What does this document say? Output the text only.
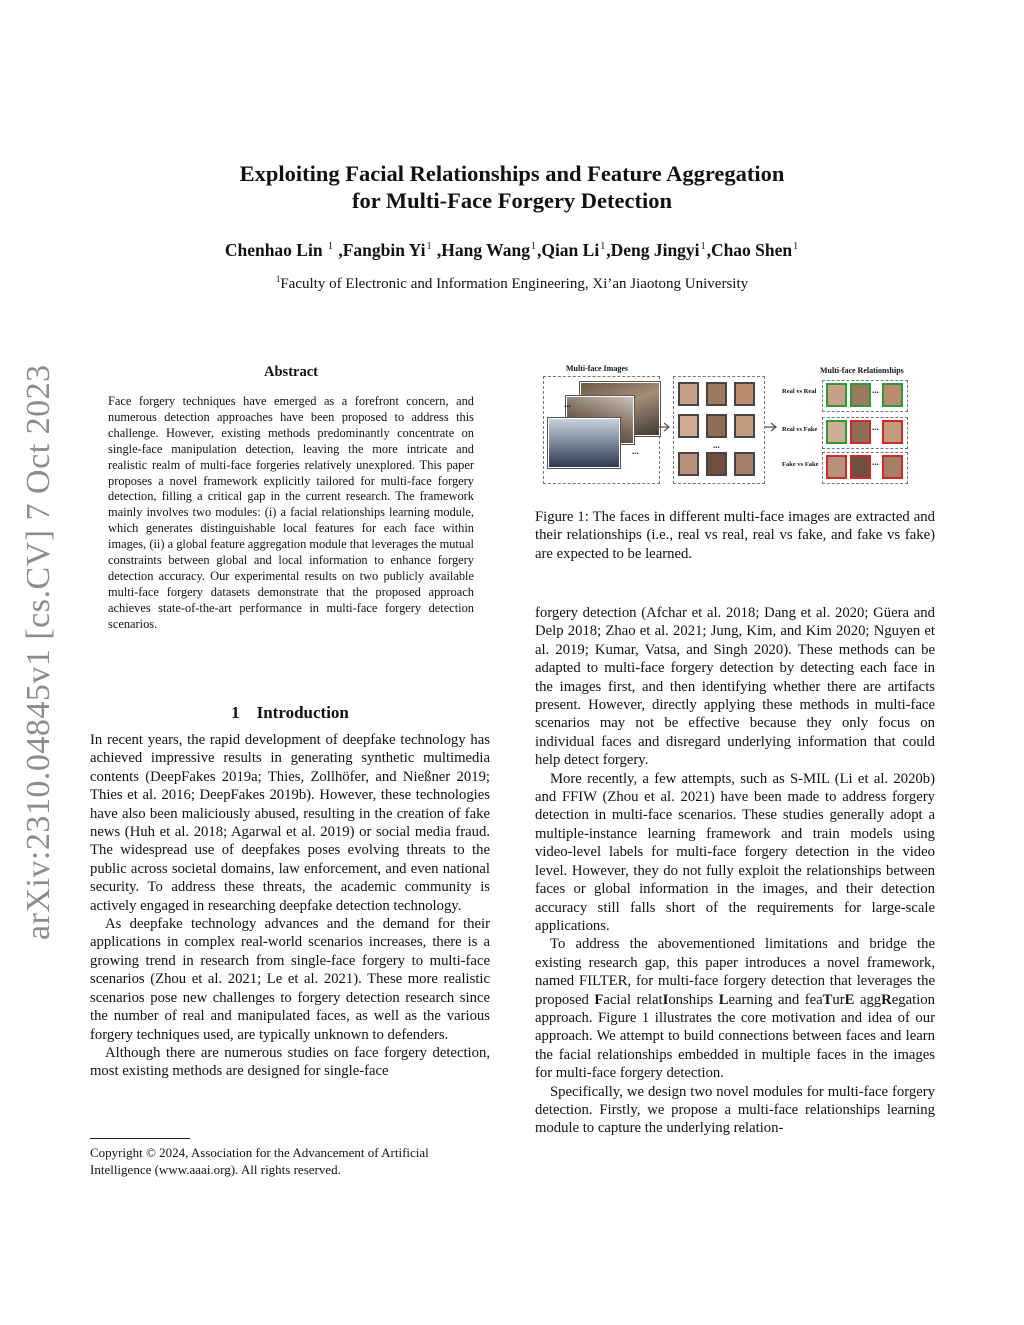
arXiv:2310.04845v1 [cs.CV] 7 Oct 2023
Exploiting Facial Relationships and Feature Aggregation
for Multi-Face Forgery Detection
Chenhao Lin $^1$ ,Fangbin Yi$^1$ ,Hang Wang$^1$,Qian Li$^1$,Deng Jingyi$^1$,Chao Shen$^1$
$^1$Faculty of Electronic and Information Engineering, Xi’an Jiaotong University
Abstract
Face forgery techniques have emerged as a forefront concern, and numerous detection approaches have been proposed to address this challenge. However, existing methods predominantly concentrate on single-face manipulation detection, leaving the more intricate and realistic realm of multi-face forgeries relatively unexplored. This paper proposes a novel framework explicitly tailored for multi-face forgery detection, filling a critical gap in the current research. The framework mainly involves two modules: (i) a facial relationships learning module, which generates distinguishable local features for each face within images, (ii) a global feature aggregation module that leverages the mutual constraints between global and local information to enhance forgery detection accuracy. Our experimental results on two publicly available multi-face forgery datasets demonstrate that the proposed approach achieves state-of-the-art performance in multi-face forgery detection scenarios.
1 Introduction

In recent years, the rapid development of deepfake technology has achieved impressive results in generating synthetic multimedia contents (DeepFakes 2019a; Thies, Zollhöfer, and Nießner 2019; Thies et al. 2016; DeepFakes 2019b). However, these technologies have also been maliciously abused, resulting in the creation of fake news (Huh et al. 2018; Agarwal et al. 2019) or social media fraud. The widespread use of deepfakes poses evolving threats to the public across societal domains, law enforcement, and even national security. To address these threats, the academic community is actively engaged in researching deepfake detection technology.

As deepfake technology advances and the demand for their applications in complex real-world scenarios increases, there is a growing trend in research from single-face forgery to multi-face scenarios (Zhou et al. 2021; Le et al. 2021). These more realistic scenarios pose new challenges to forgery detection research since the number of real and manipulated faces, as well as the various forgery techniques used, are typically unknown to defenders.

Although there are numerous studies on face forgery detection, most existing methods are designed for single-face

Copyright © 2024, Association for the Advancement of Artificial
Intelligence (www.aaai.org). All rights reserved.
Multi-face Images	Multi-face Relationships
...
...
...
Real vs Real	...
Real vs Fake	...
Fake vs Fake	...
Figure 1: The faces in different multi-face images are extracted and their relationships (i.e., real vs real, real vs fake, and fake vs fake) are expected to be learned.

forgery detection (Afchar et al. 2018; Dang et al. 2020; Güera and Delp 2018; Zhao et al. 2021; Jung, Kim, and Kim 2020; Nguyen et al. 2019; Kumar, Vatsa, and Singh 2020). These methods can be adapted to multi-face forgery detection by detecting each face in the images first, and then identifying whether there are artifacts present. However, directly applying these methods in multi-face scenarios may not be effective because they only focus on individual faces and disregard underlying information that could help detect forgery.

More recently, a few attempts, such as S-MIL (Li et al. 2020b) and FFIW (Zhou et al. 2021) have been made to address forgery detection in multi-face scenarios. These studies generally adopt a multiple-instance learning framework and train models using video-level labels for multi-face forgery detection in the video level. However, they do not fully exploit the relationships between faces or global information in the images, and their detection accuracy still falls short of the requirements for large-scale applications.

To address the abovementioned limitations and bridge the existing research gap, this paper introduces a novel framework, named FILTER, for multi-face forgery detection that leverages the proposed Facial relatIonships Learning and feaTurE aggRegation approach. Figure 1 illustrates the core motivation and idea of our approach. We attempt to build connections between faces and learn the facial relationships embedded in multiple faces in the images for multi-face forgery detection.

Specifically, we design two novel modules for multi-face forgery detection. Firstly, we propose a multi-face relationships learning module to capture the underlying relation-
